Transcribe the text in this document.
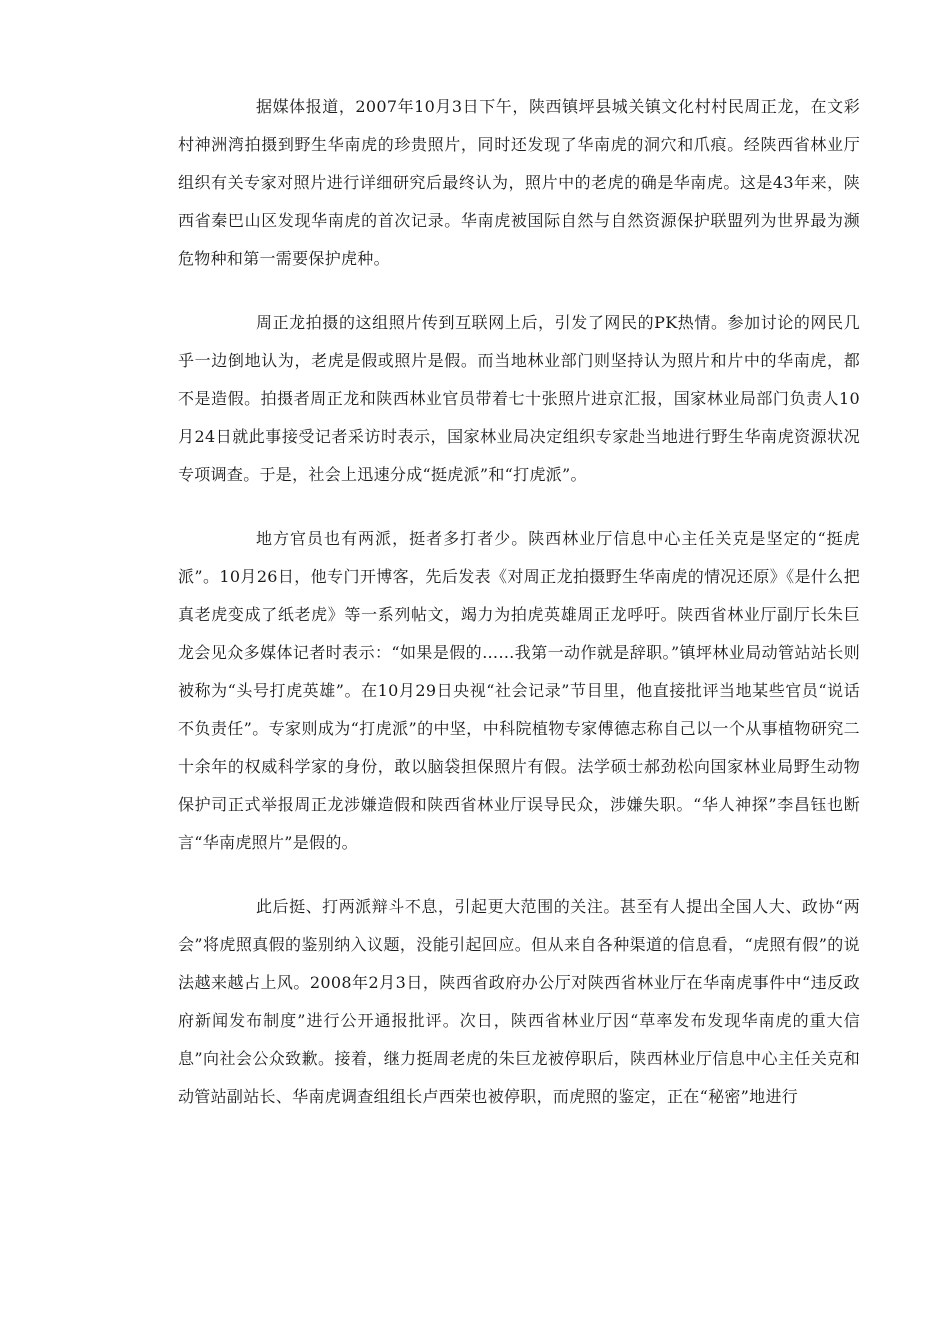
据媒体报道，2007年10月3日下午，陕西镇坪县城关镇文化村村民周正龙，在文彩村神洲湾拍摄到野生华南虎的珍贵照片，同时还发现了华南虎的洞穴和爪痕。经陕西省林业厅组织有关专家对照片进行详细研究后最终认为，照片中的老虎的确是华南虎。这是43年来，陕西省秦巴山区发现华南虎的首次记录。华南虎被国际自然与自然资源保护联盟列为世界最为濒危物种和第一需要保护虎种。

周正龙拍摄的这组照片传到互联网上后，引发了网民的PK热情。参加讨论的网民几乎一边倒地认为，老虎是假或照片是假。而当地林业部门则坚持认为照片和片中的华南虎，都不是造假。拍摄者周正龙和陕西林业官员带着七十张照片进京汇报，国家林业局部门负责人10月24日就此事接受记者采访时表示，国家林业局决定组织专家赴当地进行野生华南虎资源状况专项调查。于是，社会上迅速分成“挺虎派”和“打虎派”。

地方官员也有两派，挺者多打者少。陕西林业厅信息中心主任关克是坚定的“挺虎派”。10月26日，他专门开博客，先后发表《对周正龙拍摄野生华南虎的情况还原》《是什么把真老虎变成了纸老虎》等一系列帖文，竭力为拍虎英雄周正龙呼吁。陕西省林业厅副厅长朱巨龙会见众多媒体记者时表示：“如果是假的……我第一动作就是辞职。”镇坪林业局动管站站长则被称为“头号打虎英雄”。在10月29日央视“社会记录”节目里，他直接批评当地某些官员“说话不负责任”。专家则成为“打虎派”的中坚，中科院植物专家傅德志称自己以一个从事植物研究二十余年的权威科学家的身份，敢以脑袋担保照片有假。法学硕士郝劲松向国家林业局野生动物保护司正式举报周正龙涉嫌造假和陕西省林业厅误导民众，涉嫌失职。“华人神探”李昌钰也断言“华南虎照片”是假的。

此后挺、打两派辩斗不息，引起更大范围的关注。甚至有人提出全国人大、政协“两会”将虎照真假的鉴别纳入议题，没能引起回应。但从来自各种渠道的信息看，“虎照有假”的说法越来越占上风。2008年2月3日，陕西省政府办公厅对陕西省林业厅在华南虎事件中“违反政府新闻发布制度”进行公开通报批评。次日，陕西省林业厅因“草率发布发现华南虎的重大信息”向社会公众致歉。接着，继力挺周老虎的朱巨龙被停职后，陕西林业厅信息中心主任关克和动管站副站长、华南虎调查组组长卢西荣也被停职，而虎照的鉴定，正在“秘密”地进行
